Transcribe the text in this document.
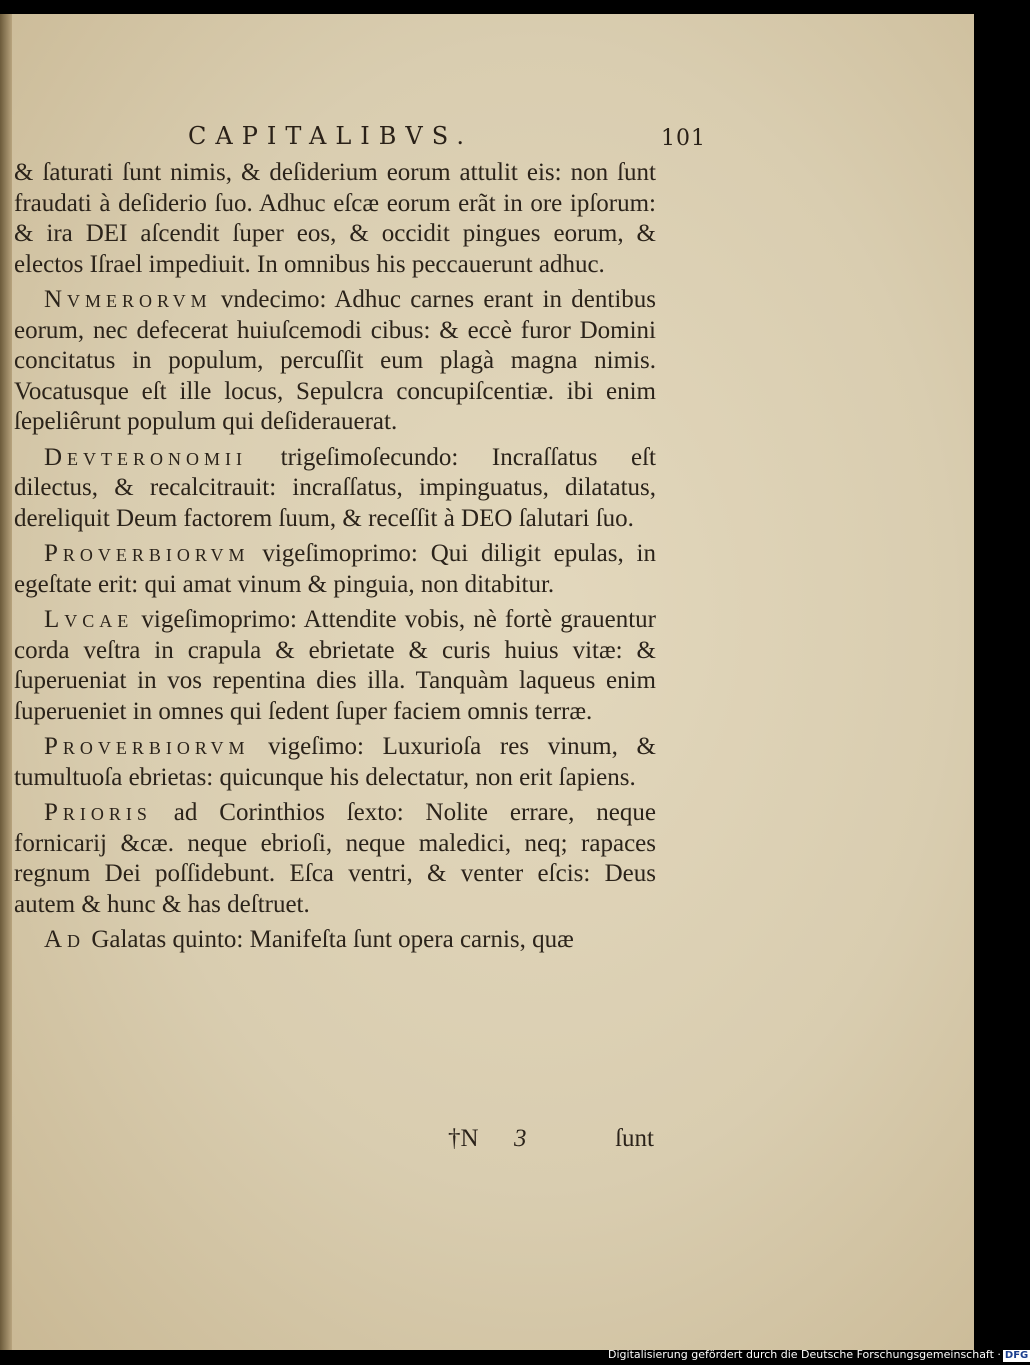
CAPITALIBVS.	101

& ſaturati ſunt nimis, & deſiderium eorum attulit eis: non ſunt fraudati à deſiderio ſuo. Adhuc eſcæ eorum erãt in ore ipſorum: & ira DEI aſcendit ſuper eos, & occidit pingues eorum, & electos Iſrael impediuit. In omnibus his peccauerunt adhuc.

Nvmerorvm vndecimo: Adhuc carnes erant in dentibus eorum, nec defecerat huiuſcemodi cibus: & eccè furor Domini concitatus in populum, percuſſit eum plagà magna nimis. Vocatusque eſt ille locus, Sepulcra concupiſcentiæ. ibi enim ſepeliêrunt populum qui deſiderauerat.

Devteronomii trigeſimoſecundo: Incraſſatus eſt dilectus, & recalcitrauit: incraſſatus, impinguatus, dilatatus, dereliquit Deum factorem ſuum, & receſſit à DEO ſalutari ſuo.

Proverbiorvm vigeſimoprimo: Qui diligit epulas, in egeſtate erit: qui amat vinum & pinguia, non ditabitur.

Lvcae vigeſimoprimo: Attendite vobis, nè fortè grauentur corda veſtra in crapula & ebrietate & curis huius vitæ: & ſuperueniat in vos repentina dies illa. Tanquàm laqueus enim ſuperueniet in omnes qui ſedent ſuper faciem omnis terræ.

Proverbiorvm vigeſimo: Luxurioſa res vinum, & tumultuoſa ebrietas: quicunque his delectatur, non erit ſapiens.

Prioris ad Corinthios ſexto: Nolite errare, neque fornicarij &cæ. neque ebrioſi, neque maledici, neq; rapaces regnum Dei poſſidebunt. Eſca ventri, & venter eſcis: Deus autem & hunc & has deſtruet.

Ad Galatas quinto: Manifeſta ſunt opera carnis, quæ

†N 3	ſunt
Digitalisierung gefördert durch die Deutsche Forschungsgemeinschaft · DFG
